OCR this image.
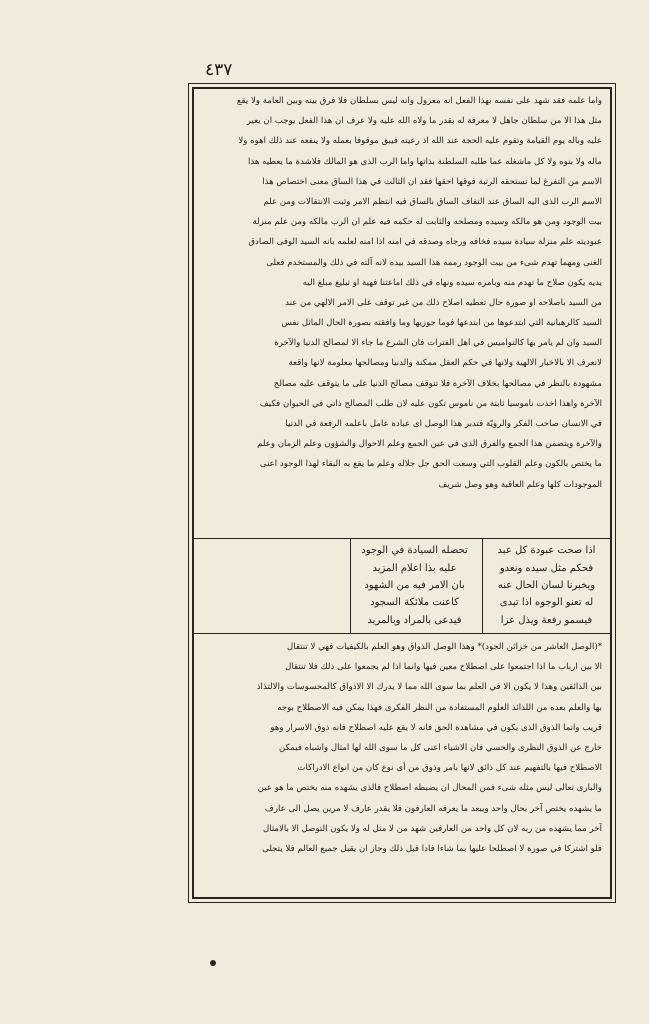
٤٣٧
واما علمه فقد شهد على نفسه بهذا الفعل انه معزول وانه ليس بسلطان فلا فرق بينه وبين العامة ولا يقع
مثل هذا الا من سلطان جاهل لا معرفة له بقدر ما ولاه الله عليه ولا عرف ان هذا الفعل يوجب ان يعير
عليه وباله يوم القيامة وتقوم عليه الحجة عند الله اذ رعيته فيبق موقوفا بعمله ولا ينفعه عند ذلك اهوه ولا
ماله ولا بنوه ولا كل ماشغله عما طلبه السلطنة بذاتها واما الرب الذى هو المالك فلاشدة ما يعطيه هذا
الاسم من التفرغ لما تستحقه الرتبة فوقها احقها فقد ان الثالث في هذا الساق معنى اختصاص هذا
الاسم الرب الذى اليه الساق عند التفاف الساق بالساق فيه انتظم الامر وثبت الانتقالات ومن علم
بيت الوجود ومن هو مالكه وسيده ومصلحه والثابت له حكمه فيه علم ان الرب مالكه ومن علم منزلة
عبوديته علم منزلة سيادة سيده فخافه ورجاه وصدقه في امنه اذا امنه لعلمه بانه السيد الوفى الصادق
الغنى ومهما تهدم شىء من بيت الوجود رممه هذا السيد بيده لانه آلته في ذلك والمستخدم فعلى
يديه يكون صلاح ما تهدم منه وبامره سيده ونهاه في ذلك اماعتنا فهية او تبليغ مبلغ اليه
من السيد باصلاحه او صورة حال تعطيه اصلاح ذلك من غير توقف على الامر الالهي من عند
السيد كالرهبانية التي ابتدعوها من ابتدعها فوما جوزيها وما وافقته بصورة الحال الماثل نفس
السيد وان لم يامر بها كالنواميس في اهل الفترات فان الشرع ما جاء الا لمصالح الدنيا والآخرة
لانعرف الا بالاخبار الالهية ولانها في حكم العقل ممكنة والدنيا ومصالحها معلومة لانها واقعة
مشهودة بالنظر في مصالحها بخلاف الآخرة فلا تتوقف مصالح الدنيا على ما يتوقف عليه مصالح
الآخرة واهذا اخذت ناموسيا ثابتة من ناموس تكون عليه لان طلب المصالح ذاتي في الحيوان فكيف
في الانسان صاحب الفكر والرويّة فتدبر هذا الوصل اى عبادة عامل باعلمه الرفعة في الدنيا
والآخرة ويتضمن هذا الجمع والفرق الذى في عين الجمع وعلم الاحوال والشؤون وعلم الزمان وعلم
ما يختص بالكون وعلم القلوب التي وسعت الحق جل جلاله وعلم ما يقع به البقاء لهذا الوجود اعنى
الموجودات كلها وعلم العاقبة وهو وصل شريف
اذا صحت عبودة كل عبد
فحكم مثل سيده ونعدو
ويخبرنا لسان الحال عنه
له تعنو الوجوه اذا تبدى
فيسمو رفعة ويذل عزا
تحصله السيادة في الوجود
عليه بذا اعلام المزيد
بان الامر فيه من الشهود
كاعنت ملائكة السجود
فيدعى بالمراد وبالمريد
*(الوصل العاشر من خزائن الجود)* وهذا الوصل الذواق وهو العلم بالكيفيات فهي لا تنتقال
الا بين ارباب ما اذا اجتمعوا على اصطلاح معين فيها وانما اذا لم يجمعوا على ذلك فلا تنتقال
بين الذائقين وهذا لا يكون الا في العلم بما سوى الله مما لا يدرك الا الاذواق كالمحسوسات والالتذاذ
بها والعلم بعده من اللذائذ العلوم المستفادة من النظر الفكرى فهذا يمكن فيه الاصطلاح بوجه
قريب وانما الذوق الذى يكون في مشاهدة الحق فانه لا يقع عليه اصطلاح فانه ذوق الاسرار وهو
خارج عن الذوق النظرى والحسي فان الاشياء اعنى كل ما سوى الله لها امثال واشباه فيمكن
الاصطلاح فيها بالتفهيم عند كل ذائق لانها بامر وذوق من أى نوع كان من انواع الادراكات
والبارى تعالى ليس مثله شىء فمن المحال ان يضبطه اصطلاح فالذى يشهده منه يختص ما هو عين
ما يشهده يختص آخر بحال واحد ويبعد ما يعرفه العارفون فلا يقدر عارف لا مرين يصل الى عارف
آخر مما يشهده من ربه لان كل واحد من العارفين شهد من لا مثل له ولا يكون التوصل الا بالامثال
فلو اشتركا في صورة لا اصطلحا عليها بما شاءا فادا قبل ذلك وجاز ان يقبل جميع العالم فلا يتجلى
